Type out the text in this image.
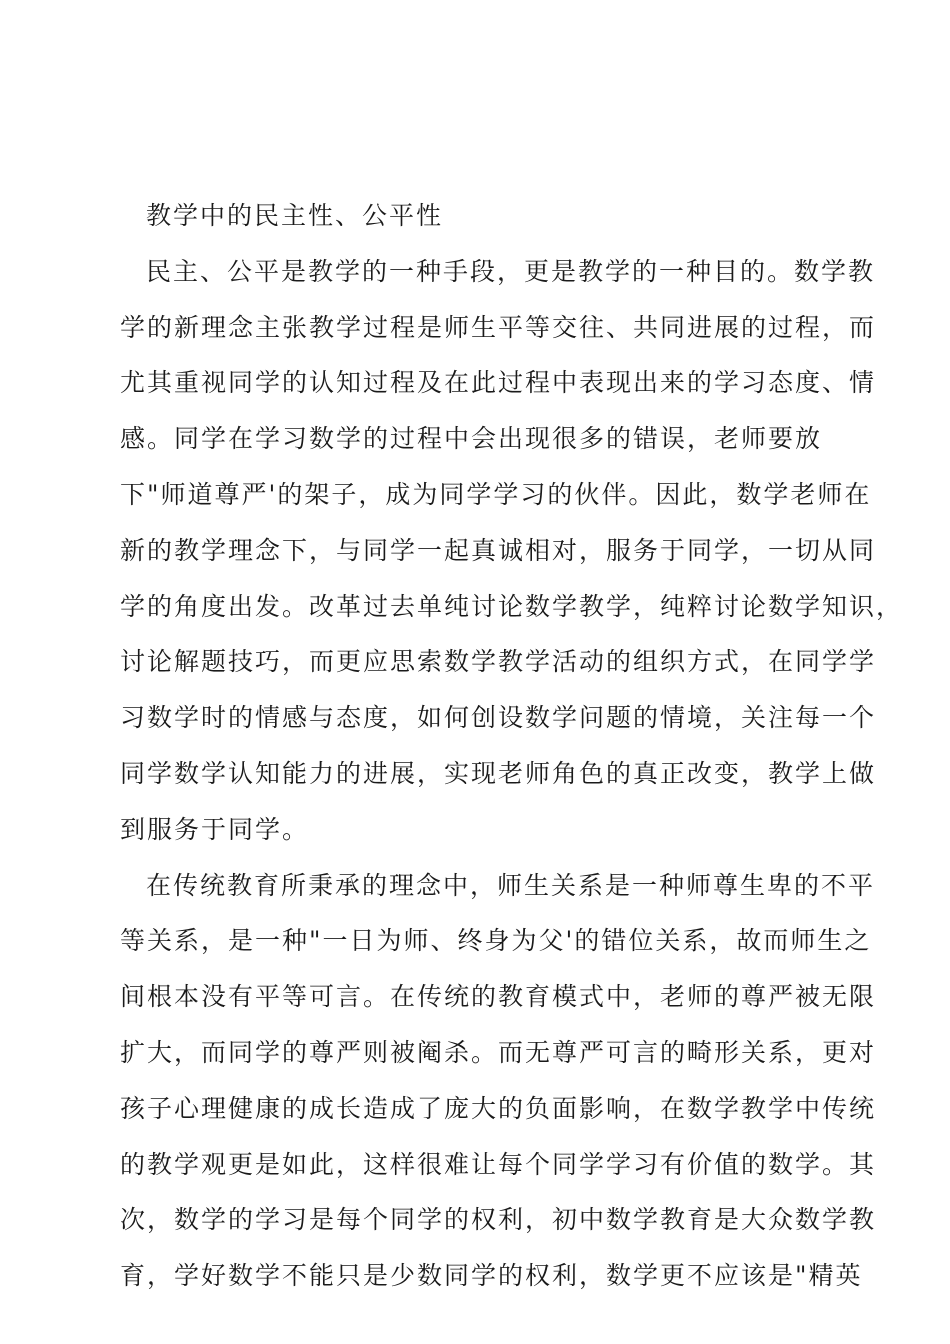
教学中的民主性、公平性
民主、公平是教学的一种手段，更是教学的一种目的。数学教
学的新理念主张教学过程是师生平等交往、共同进展的过程，而
尤其重视同学的认知过程及在此过程中表现出来的学习态度、情
感。同学在学习数学的过程中会出现很多的错误，老师要放
下"师道尊严'的架子，成为同学学习的伙伴。因此，数学老师在
新的教学理念下，与同学一起真诚相对，服务于同学，一切从同
学的角度出发。改革过去单纯讨论数学教学，纯粹讨论数学知识，
讨论解题技巧，而更应思索数学教学活动的组织方式，在同学学
习数学时的情感与态度，如何创设数学问题的情境，关注每一个
同学数学认知能力的进展，实现老师角色的真正改变，教学上做
到服务于同学。
在传统教育所秉承的理念中，师生关系是一种师尊生卑的不平
等关系，是一种"一日为师、终身为父'的错位关系，故而师生之
间根本没有平等可言。在传统的教育模式中，老师的尊严被无限
扩大，而同学的尊严则被阉杀。而无尊严可言的畸形关系，更对
孩子心理健康的成长造成了庞大的负面影响，在数学教学中传统
的教学观更是如此，这样很难让每个同学学习有价值的数学。其
次，数学的学习是每个同学的权利，初中数学教育是大众数学教
育，学好数学不能只是少数同学的权利，数学更不应该是"精英
